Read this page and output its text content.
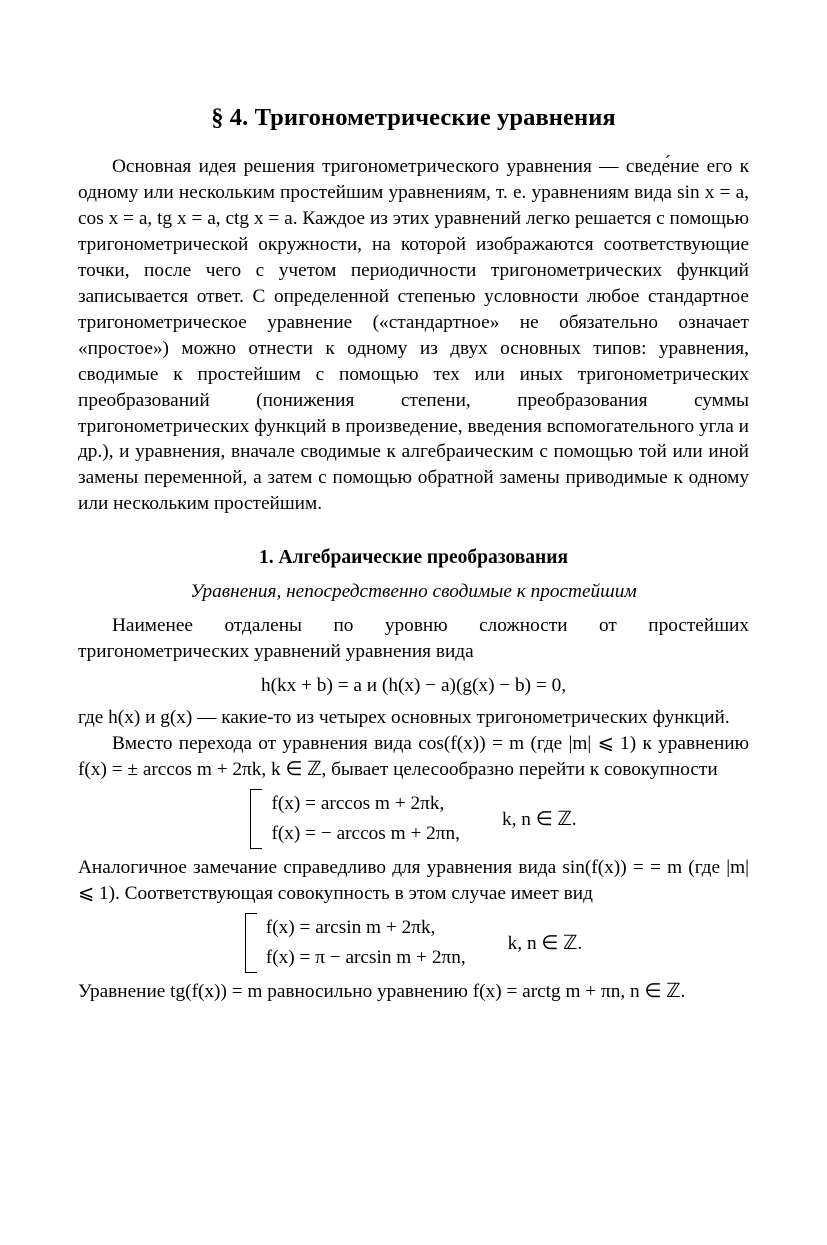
§ 4. Тригонометрические уравнения

Основная идея решения тригонометрического уравнения — сведе́ние его к одному или нескольким простейшим уравнениям, т. е. уравнениям вида sin x = a, cos x = a, tg x = a, ctg x = a. Каждое из этих уравнений легко решается с помощью тригонометрической окружности, на которой изображаются соответствующие точки, после чего с учетом периодичности тригонометрических функций записывается ответ. С определенной степенью условности любое стандартное тригонометрическое уравнение («стандартное» не обязательно означает «простое») можно отнести к одному из двух основных типов: уравнения, сводимые к простейшим с помощью тех или иных тригонометрических преобразований (понижения степени, преобразования суммы тригонометрических функций в произведение, введения вспомогательного угла и др.), и уравнения, вначале сводимые к алгебраическим с помощью той или иной замены переменной, а затем с помощью обратной замены приводимые к одному или нескольким простейшим.

1. Алгебраические преобразования

Уравнения, непосредственно сводимые к простейшим

Наименее отдалены по уровню сложности от простейших тригонометрических уравнений уравнения вида

h(kx + b) = a и (h(x) − a)(g(x) − b) = 0,

где h(x) и g(x) — какие-то из четырех основных тригонометрических функций.

Вместо перехода от уравнения вида cos(f(x)) = m (где |m| ⩽ 1) к уравнению f(x) = ± arccos m + 2πk, k ∈ ℤ, бывает целесообразно перейти к совокупности

f(x) = arccos m + 2πk,
f(x) = − arccos m + 2πn,
k, n ∈ ℤ.

Аналогичное замечание справедливо для уравнения вида sin(f(x)) = = m (где |m| ⩽ 1). Соответствующая совокупность в этом случае имеет вид

f(x) = arcsin m + 2πk,
f(x) = π − arcsin m + 2πn,
k, n ∈ ℤ.

Уравнение tg(f(x)) = m равносильно уравнению f(x) = arctg m + πn, n ∈ ℤ.
